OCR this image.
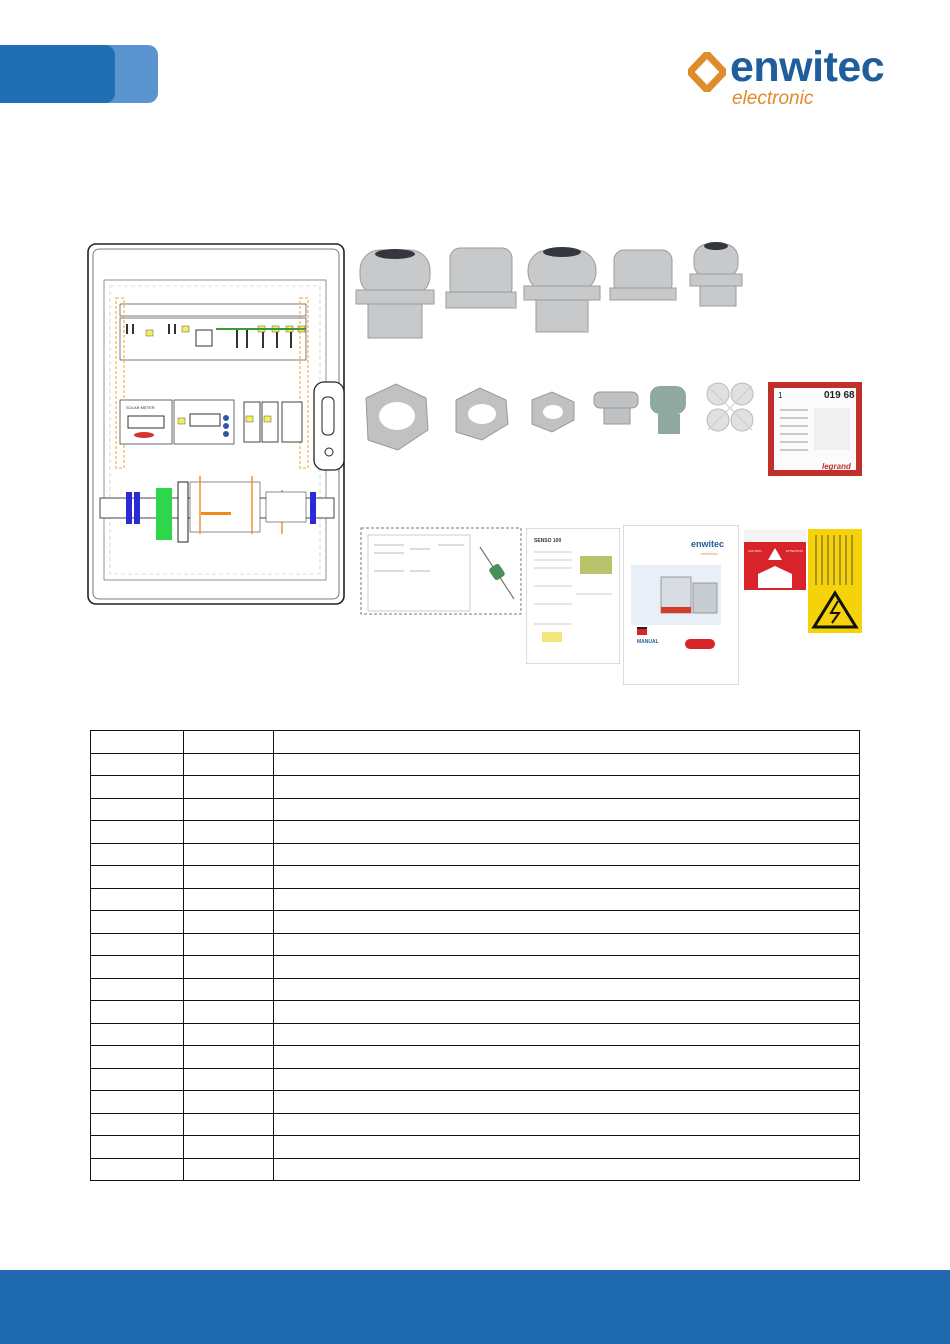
enwitec
electronic
SOLAR METER
1	019 68
legrand
SENSO 100	enwitec
electronic
MANUAL
CAUTION	ATTENTION
